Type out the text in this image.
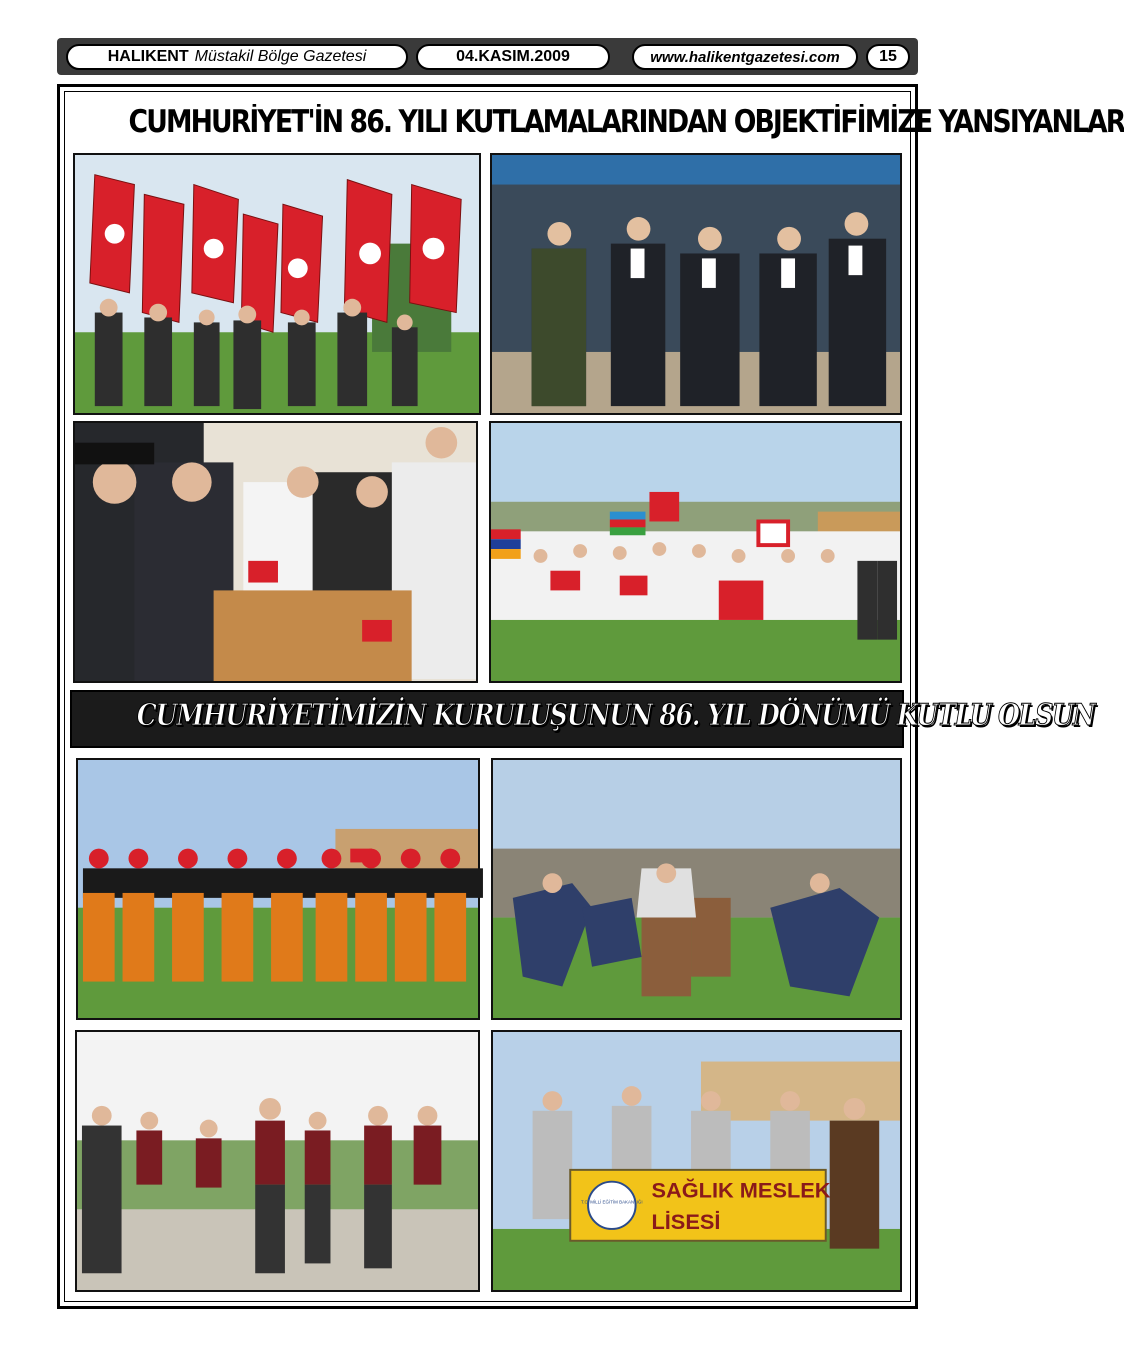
HALIKENT Müstakil Bölge Gazetesi	04.KASIM.2009	www.halikentgazetesi.com	15
CUMHURİYET'İN 86. YILI KUTLAMALARINDAN OBJEKTİFİMİZE YANSIYANLAR
CUMHURİYETİMİZİN KURULUŞUNUN 86. YIL DÖNÜMÜ KUTLU OLSUN
T.C. MİLLİ EĞİTİM BAKANLIĞI SAĞLIK MESLEK
LİSESİ
